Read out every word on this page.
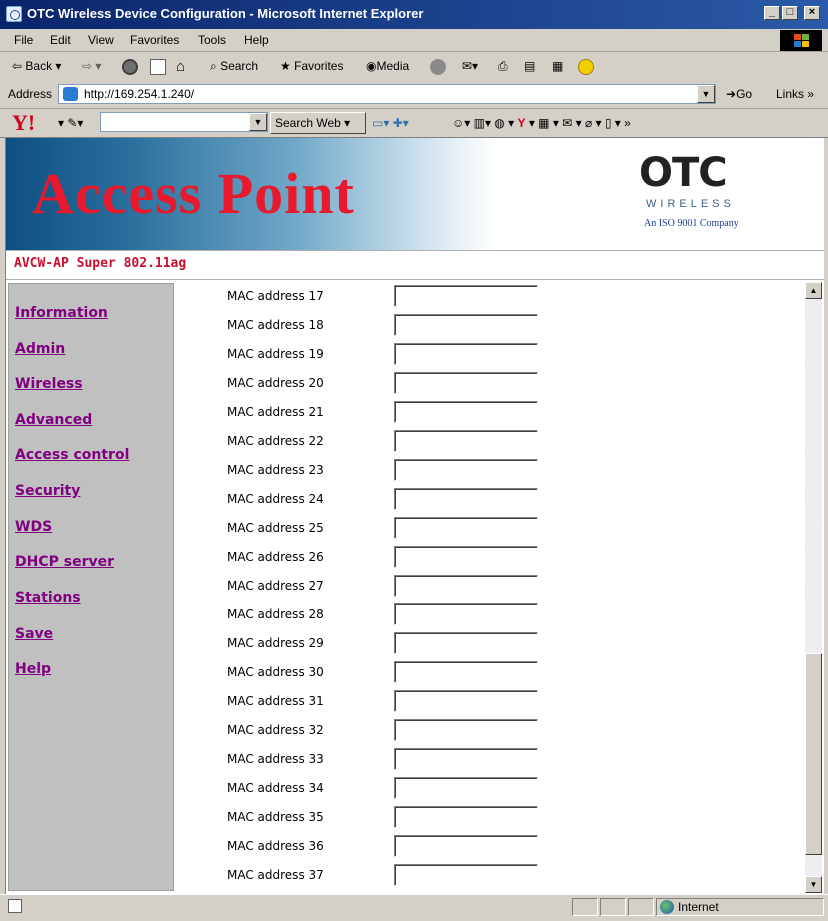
OTC Wireless Device Configuration - Microsoft Internet Explorer	_	□	×
File Edit View Favorites Tools Help
⇦ Back ▾ ⇨ ▾	⌂ ⌕ Search ★ Favorites ◉Media	✉▾ ⎙ ▤ ▦
Address	http://169.254.1.240/	▼	➜Go Links »
Y! ▾ ✎▾	▼	Search Web ▾	▭▾ ✚▾	☺▾ ▥▾ ◍ ▾ Y ▾ ▦ ▾ ✉ ▾ ⌀ ▾ ▯ ▾ »
Access Point	OTC
WIRELESS
An ISO 9001 Company
AVCW-AP Super 802.11ag
Information
Admin
Wireless
Advanced
Access control
Security
WDS
DHCP server
Stations
Save
Help
▲
▼
MAC address 17
MAC address 18
MAC address 19
MAC address 20
MAC address 21
MAC address 22
MAC address 23
MAC address 24
MAC address 25
MAC address 26
MAC address 27
MAC address 28
MAC address 29
MAC address 30
MAC address 31
MAC address 32
MAC address 33
MAC address 34
MAC address 35
MAC address 36
MAC address 37
Internet
